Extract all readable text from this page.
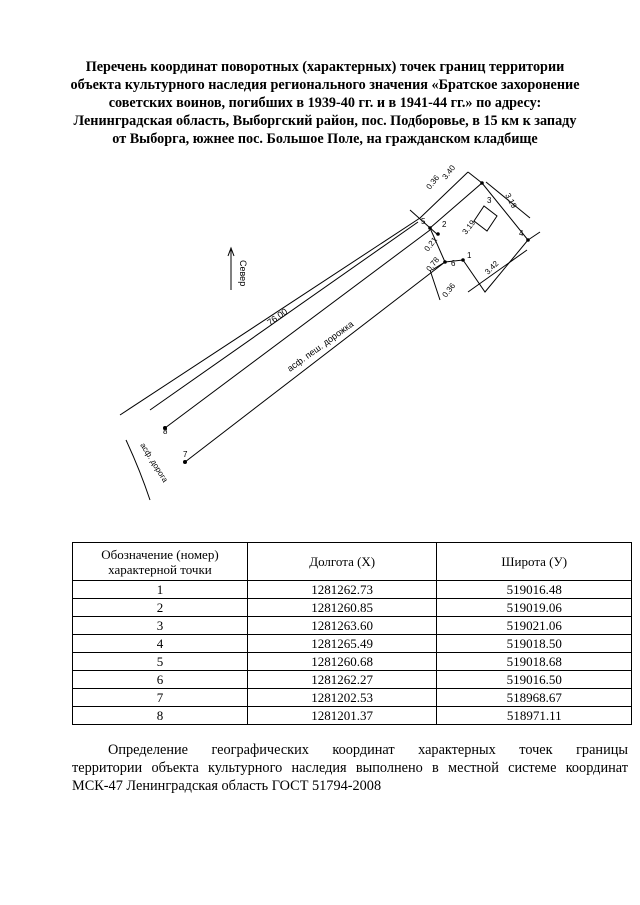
Перечень координат поворотных (характерных) точек границ территории
объекта культурного наследия регионального значения «Братское захоронение
советских воинов, погибших в 1939-40 гг. и в 1941-44 гг.» по адресу:
Ленинградская область, Выборгский район, пос. Подборовье, в 15 км к западу
от Выборга, южнее пос. Большое Поле, на гражданском кладбище
Север
асф. пеш. дорожка
асф. дорога
0.36
3.40
3.19
0.21
3.19
0.78	3.42
0.36
76.00
1
2
3
4
5
6
7
8
Обозначение (номер) характерной точки	Долгота (X)	Широта (У)
1	1281262.73	519016.48
2	1281260.85	519019.06
3	1281263.60	519021.06
4	1281265.49	519018.50
5	1281260.68	519018.68
6	1281262.27	519016.50
7	1281202.53	518968.67
8	1281201.37	518971.11
Определение географических координат характерных точек границы
территории объекта культурного наследия выполнено в местной системе координат
МСК-47 Ленинградская область ГОСТ 51794-2008
